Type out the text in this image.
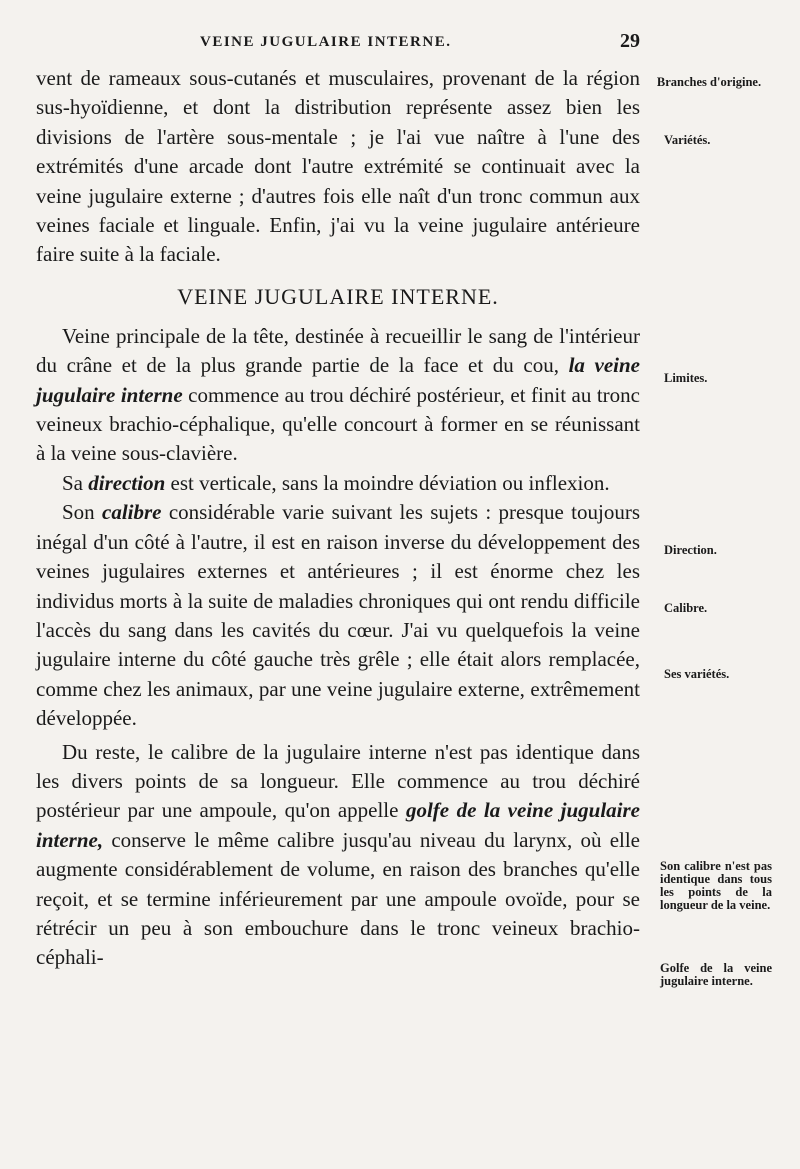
VEINE JUGULAIRE INTERNE.	29

vent de rameaux sous-cutanés et musculaires, provenant de la région sus-hyoïdienne, et dont la distribution représente assez bien les divisions de l'artère sous-mentale ; je l'ai vue naître à l'une des extrémités d'une arcade dont l'autre extrémité se continuait avec la veine jugulaire externe ; d'autres fois elle naît d'un tronc commun aux veines faciale et linguale. Enfin, j'ai vu la veine jugulaire antérieure faire suite à la faciale.

VEINE JUGULAIRE INTERNE.

Veine principale de la tête, destinée à recueillir le sang de l'intérieur du crâne et de la plus grande partie de la face et du cou, la veine jugulaire interne commence au trou déchiré postérieur, et finit au tronc veineux brachio-céphalique, qu'elle concourt à former en se réunissant à la veine sous-clavière.

Sa direction est verticale, sans la moindre déviation ou inflexion.

Son calibre considérable varie suivant les sujets : presque toujours inégal d'un côté à l'autre, il est en raison inverse du développement des veines jugulaires externes et antérieures ; il est énorme chez les individus morts à la suite de maladies chroniques qui ont rendu difficile l'accès du sang dans les cavités du cœur. J'ai vu quelquefois la veine jugulaire interne du côté gauche très grêle ; elle était alors remplacée, comme chez les animaux, par une veine jugulaire externe, extrêmement développée.

Du reste, le calibre de la jugulaire interne n'est pas identique dans les divers points de sa longueur. Elle commence au trou déchiré postérieur par une ampoule, qu'on appelle golfe de la veine jugulaire interne, conserve le même calibre jusqu'au niveau du larynx, où elle augmente considérablement de volume, en raison des branches qu'elle reçoit, et se termine inférieurement par une ampoule ovoïde, pour se rétrécir un peu à son embouchure dans le tronc veineux brachio-céphali-

Branches d'origine.
Variétés.
Limites.
Direction.
Calibre.
Ses variétés.
Son calibre n'est pas identique dans tous les points de la longueur de la veine.
Golfe de la veine jugulaire interne.
